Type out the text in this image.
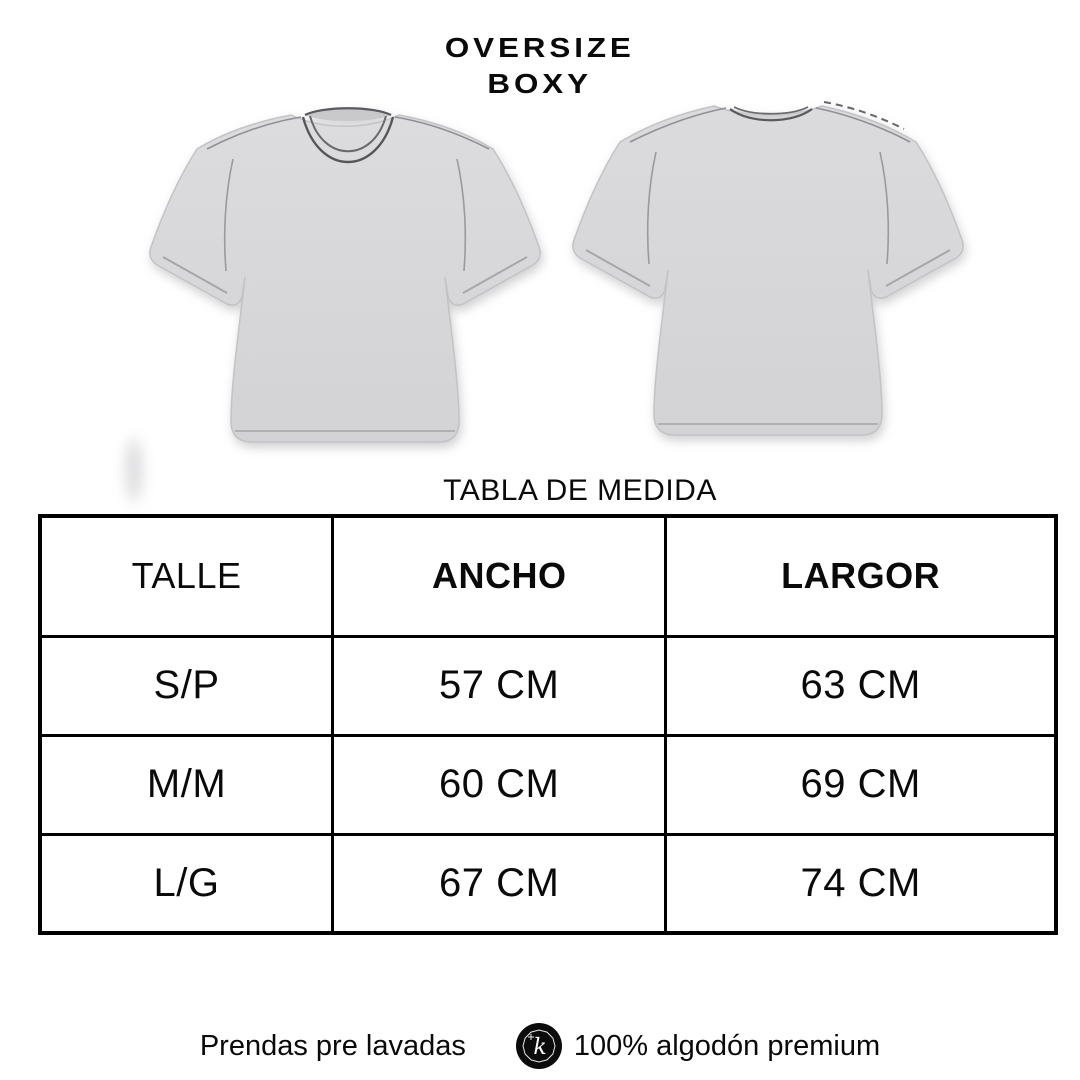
OVERSIZE
BOXY
TABLA DE MEDIDA
TALLE	ANCHO	LARGOR
S/P	57 CM	63 CM
M/M	60 CM	69 CM
L/G	67 CM	74 CM
Prendas pre lavadas	k 100% algodón premium
